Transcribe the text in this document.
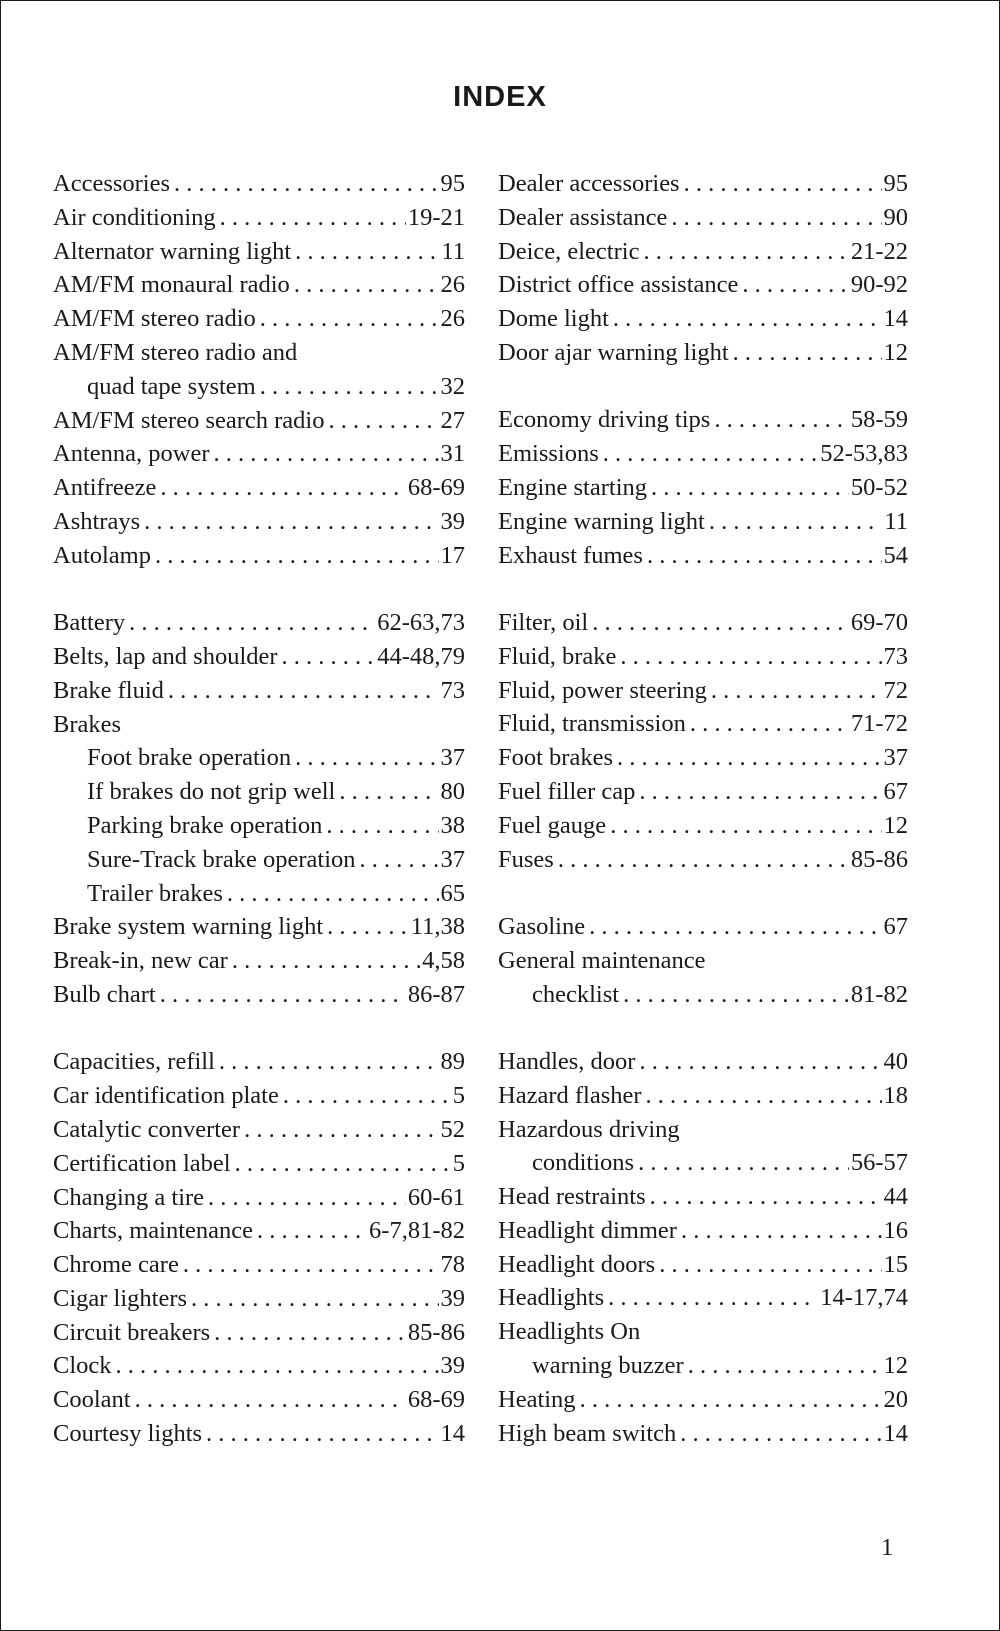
INDEX
Accessories . . .	95
Air conditioning . . .	19-21
Alternator warning light . . .	11
AM/FM monaural radio . . .	26
AM/FM stereo radio . . .	26
AM/FM stereo radio and
quad tape system . . .	32
AM/FM stereo search radio . . .	27
Antenna, power . . .	31
Antifreeze . . .	68-69
Ashtrays . . .	39
Autolamp . . .	17
Battery . . .	62-63,73
Belts, lap and shoulder . . .	44-48,79
Brake fluid . . .	73
Brakes
Foot brake operation . . .	37
If brakes do not grip well . . .	80
Parking brake operation . . .	38
Sure-Track brake operation . . .	37
Trailer brakes . . .	65
Brake system warning light . . .	11,38
Break-in, new car . . .	4,58
Bulb chart . . .	86-87
Capacities, refill . . .	89
Car identification plate . . .	5
Catalytic converter . . .	52
Certification label . . .	5
Changing a tire . . .	60-61
Charts, maintenance . . .	6-7,81-82
Chrome care . . .	78
Cigar lighters . . .	39
Circuit breakers . . .	85-86
Clock . . .	39
Coolant . . .	68-69
Courtesy lights . . .	14
Dealer accessories . . .	95
Dealer assistance . . .	90
Deice, electric . . .	21-22
District office assistance . . .	90-92
Dome light . . .	14
Door ajar warning light . . .	12
Economy driving tips . . .	58-59
Emissions . . .	52-53,83
Engine starting . . .	50-52
Engine warning light . . .	11
Exhaust fumes . . .	54
Filter, oil . . .	69-70
Fluid, brake . . .	73
Fluid, power steering . . .	72
Fluid, transmission . . .	71-72
Foot brakes . . .	37
Fuel filler cap . . .	67
Fuel gauge . . .	12
Fuses . . .	85-86
Gasoline . . .	67
General maintenance
checklist . . .	81-82
Handles, door . . .	40
Hazard flasher . . .	18
Hazardous driving
conditions . . .	56-57
Head restraints . . .	44
Headlight dimmer . . .	16
Headlight doors . . .	15
Headlights . . .	14-17,74
Headlights On
warning buzzer . . .	12
Heating . . .	20
High beam switch . . .	14
1
